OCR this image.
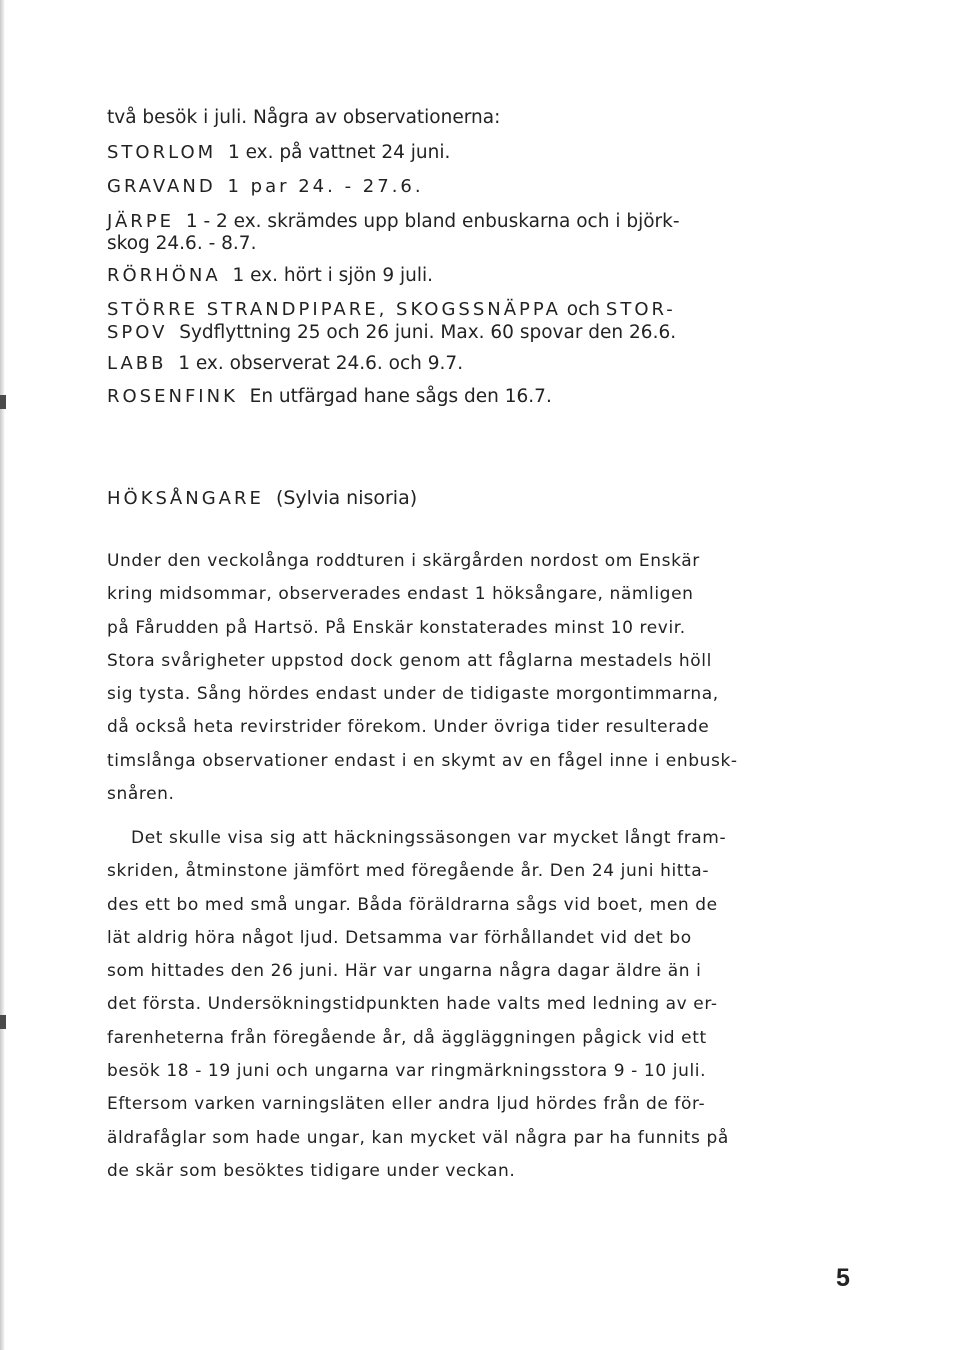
två besök i juli. Några av observationerna:

STORLOM 1 ex. på vattnet 24 juni.

GRAVAND 1 par 24. - 27.6.

JÄRPE 1 - 2 ex. skrämdes upp bland enbuskarna och i björk-

skog 24.6. - 8.7.

RÖRHÖNA 1 ex. hört i sjön 9 juli.

STÖRRE STRANDPIPARE, SKOGSSNÄPPA och STOR-

SPOV Sydflyttning 25 och 26 juni. Max. 60 spovar den 26.6.

LABB 1 ex. observerat 24.6. och 9.7.

ROSENFINK En utfärgad hane sågs den 16.7.

HÖKSÅNGARE (Sylvia nisoria)

Under den veckolånga roddturen i skärgården nordost om Enskär
kring midsommar, observerades endast 1 höksångare, nämligen
på Fårudden på Hartsö. På Enskär konstaterades minst 10 revir.
Stora svårigheter uppstod dock genom att fåglarna mestadels höll
sig tysta. Sång hördes endast under de tidigaste morgontimmarna,
då också heta revirstrider förekom. Under övriga tider resulterade
timslånga observationer endast i en skymt av en fågel inne i enbusk-
snåren.
Det skulle visa sig att häckningssäsongen var mycket långt fram-
skriden, åtminstone jämfört med föregående år. Den 24 juni hitta-
des ett bo med små ungar. Båda föräldrarna sågs vid boet, men de
lät aldrig höra något ljud. Detsamma var förhållandet vid det bo
som hittades den 26 juni. Här var ungarna några dagar äldre än i
det första. Undersökningstidpunkten hade valts med ledning av er-
farenheterna från föregående år, då äggläggningen pågick vid ett
besök 18 - 19 juni och ungarna var ringmärkningsstora 9 - 10 juli.
Eftersom varken varningsläten eller andra ljud hördes från de för-
äldrafåglar som hade ungar, kan mycket väl några par ha funnits på
de skär som besöktes tidigare under veckan.
5
